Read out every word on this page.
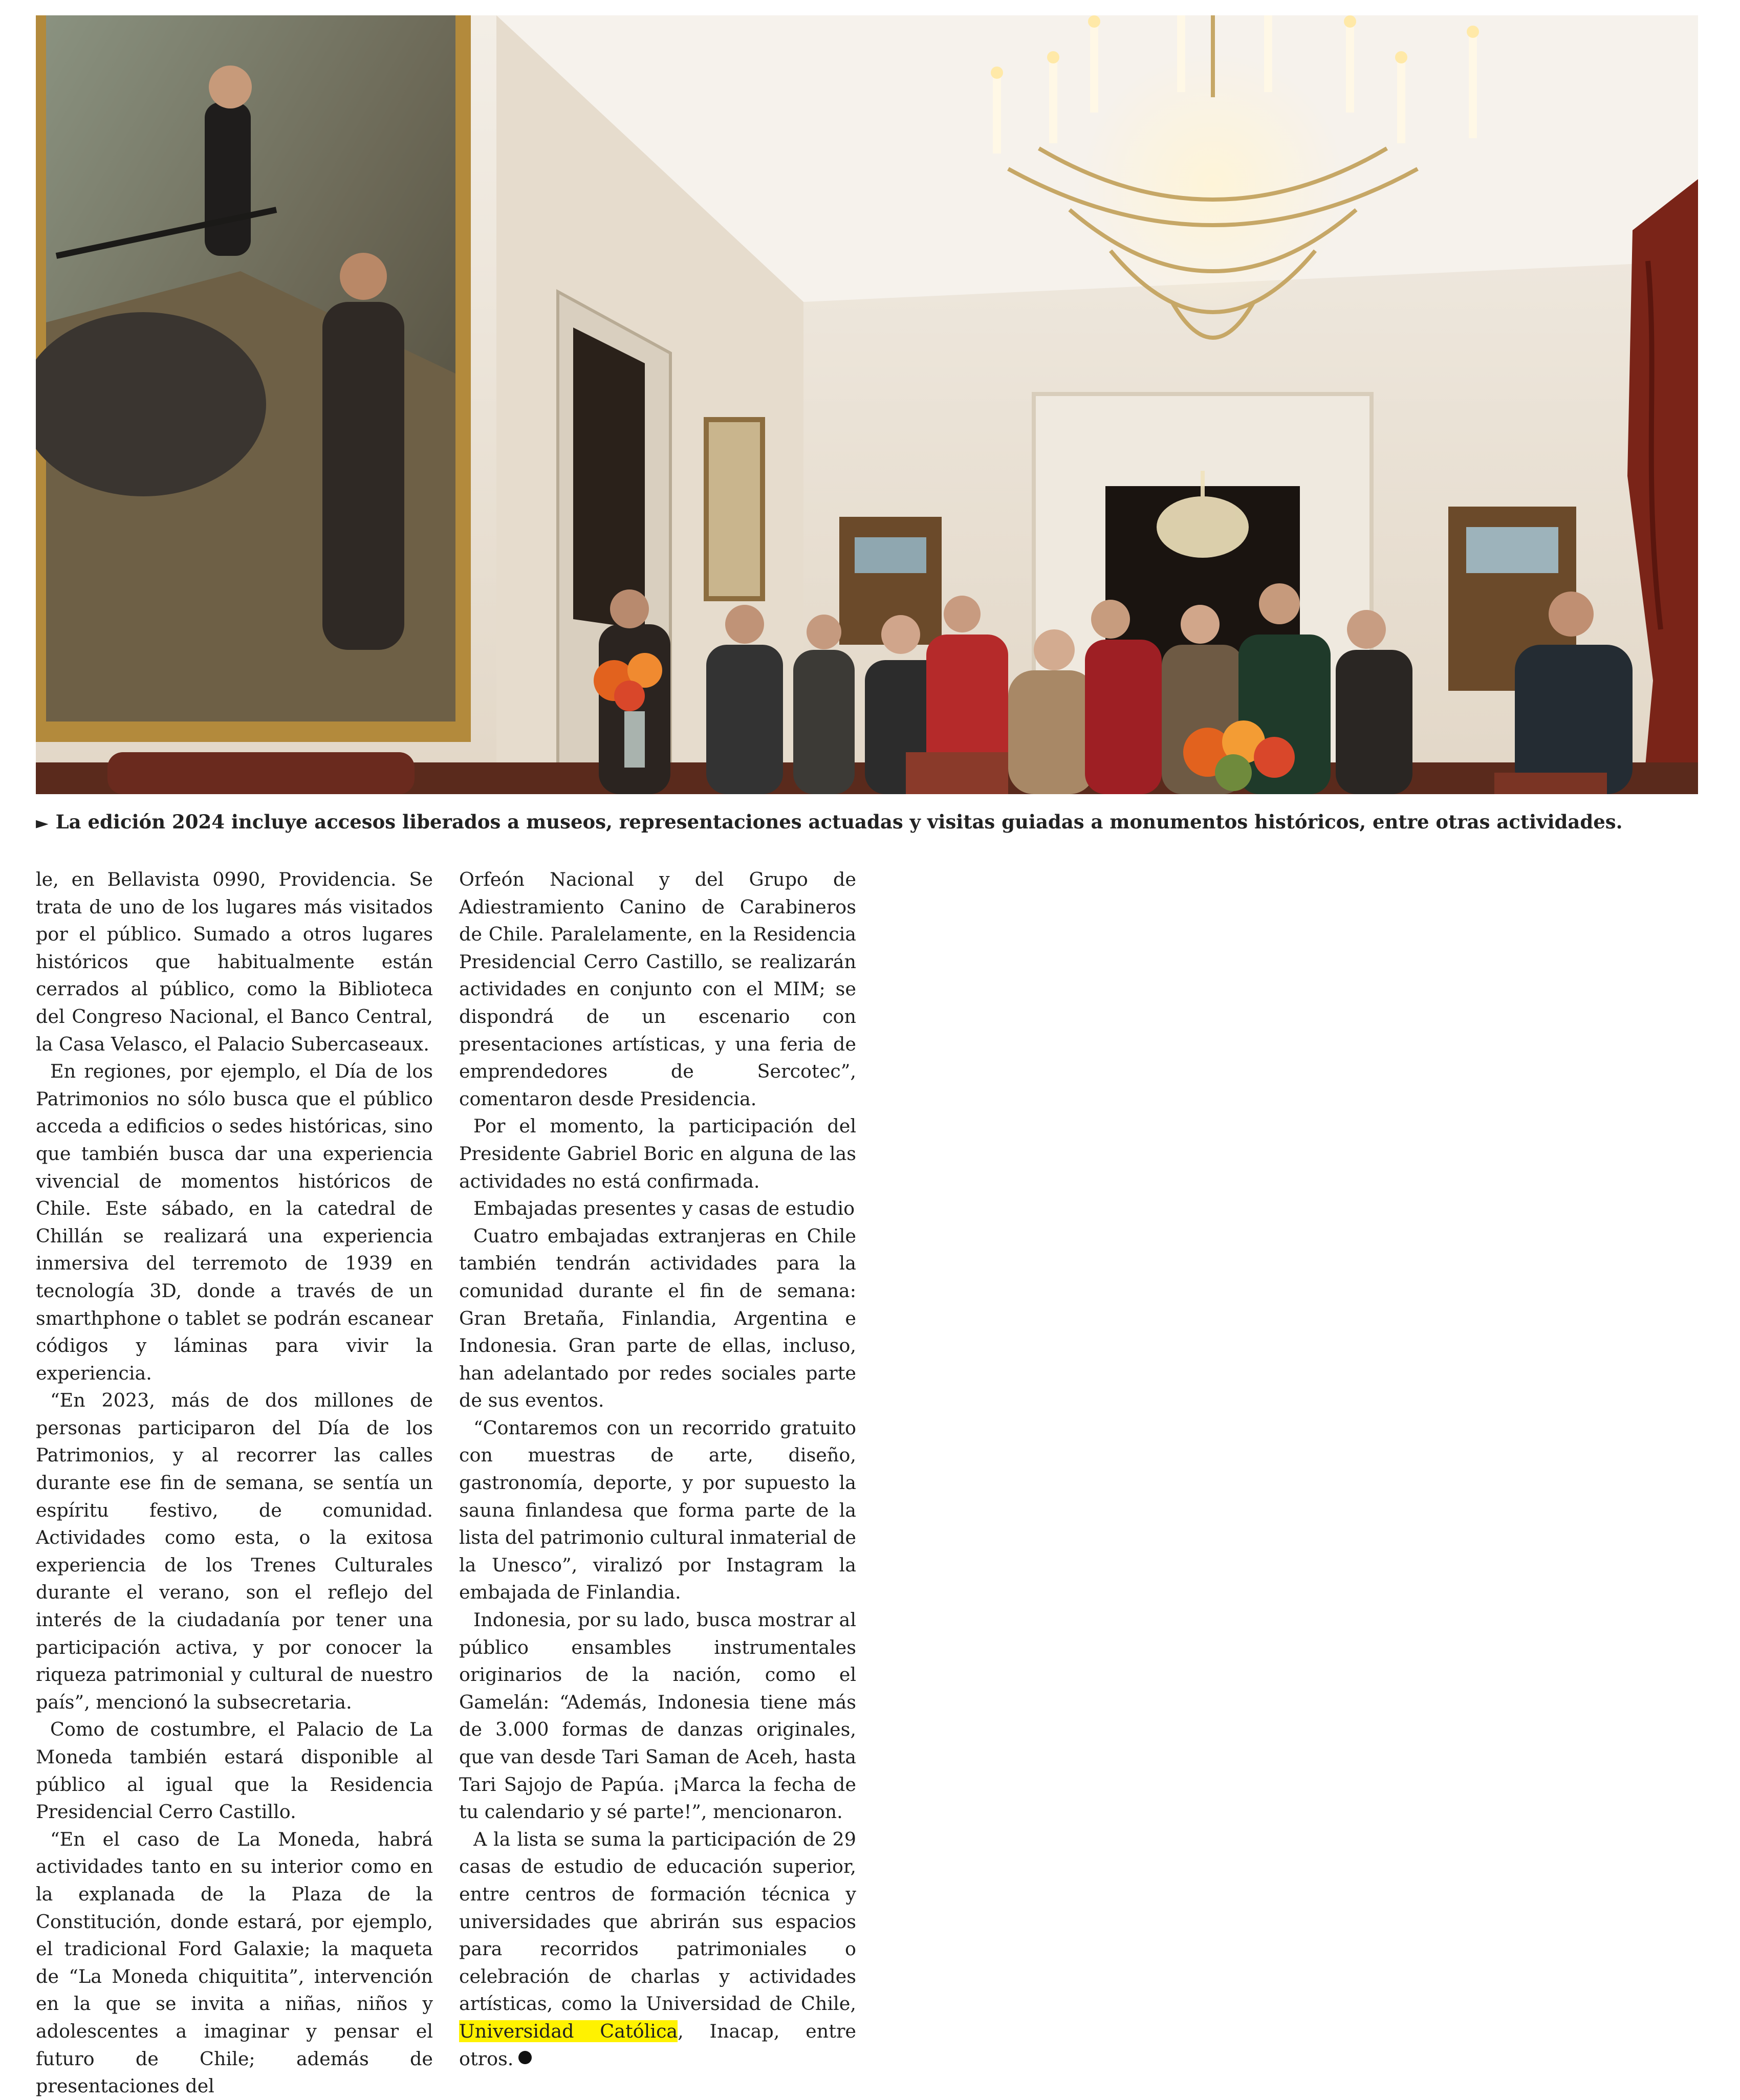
► La edición 2024 incluye accesos liberados a museos, representaciones actuadas y visitas guiadas a monumentos históricos, entre otras actividades.

le, en Bellavista 0990, Providencia. Se trata de uno de los lugares más visitados por el público. Sumado a otros lugares históricos que habitualmente están cerrados al público, como la Biblioteca del Congreso Nacional, el Banco Central, la Casa Velasco, el Palacio Subercaseaux.

En regiones, por ejemplo, el Día de los Patrimonios no sólo busca que el público acceda a edificios o sedes históricas, sino que también busca dar una experiencia vivencial de momentos históricos de Chile. Este sábado, en la catedral de Chillán se realizará una experiencia inmersiva del terremoto de 1939 en tecnología 3D, donde a través de un smarthphone o tablet se podrán escanear códigos y láminas para vivir la experiencia.

“En 2023, más de dos millones de personas participaron del Día de los Patrimonios, y al recorrer las calles durante ese fin de semana, se sentía un espíritu festivo, de comunidad. Actividades como esta, o la exitosa experiencia de los Trenes Culturales durante el verano, son el reflejo del interés de la ciudadanía por tener una participación activa, y por conocer la riqueza patrimonial y cultural de nuestro país”, mencionó la subsecretaria.

Como de costumbre, el Palacio de La Moneda también estará disponible al público al igual que la Residencia Presidencial Cerro Castillo.

“En el caso de La Moneda, habrá actividades tanto en su interior como en la explanada de la Plaza de la Constitución, donde estará, por ejemplo, el tradicional Ford Galaxie; la maqueta de “La Moneda chiquitita”, intervención en la que se invita a niñas, niños y adolescentes a imaginar y pensar el futuro de Chile; además de presentaciones del

Orfeón Nacional y del Grupo de Adiestramiento Canino de Carabineros de Chile. Paralelamente, en la Residencia Presidencial Cerro Castillo, se realizarán actividades en conjunto con el MIM; se dispondrá de un escenario con presentaciones artísticas, y una feria de emprendedores de Sercotec”, comentaron desde Presidencia.

Por el momento, la participación del Presidente Gabriel Boric en alguna de las actividades no está confirmada.

Embajadas presentes y casas de estudio

Cuatro embajadas extranjeras en Chile también tendrán actividades para la comunidad durante el fin de semana: Gran Bretaña, Finlandia, Argentina e Indonesia. Gran parte de ellas, incluso, han adelantado por redes sociales parte de sus eventos.

“Contaremos con un recorrido gratuito con muestras de arte, diseño, gastronomía, deporte, y por supuesto la sauna finlandesa que forma parte de la lista del patrimonio cultural inmaterial de la Unesco”, viralizó por Instagram la embajada de Finlandia.

Indonesia, por su lado, busca mostrar al público ensambles instrumentales originarios de la nación, como el Gamelán: “Además, Indonesia tiene más de 3.000 formas de danzas originales, que van desde Tari Saman de Aceh, hasta Tari Sajojo de Papúa. ¡Marca la fecha de tu calendario y sé parte!”, mencionaron.

A la lista se suma la participación de 29 casas de estudio de educación superior, entre centros de formación técnica y universidades que abrirán sus espacios para recorridos patrimoniales o celebración de charlas y actividades artísticas, como la Universidad de Chile, Universidad Católica, Inacap, entre otros.
